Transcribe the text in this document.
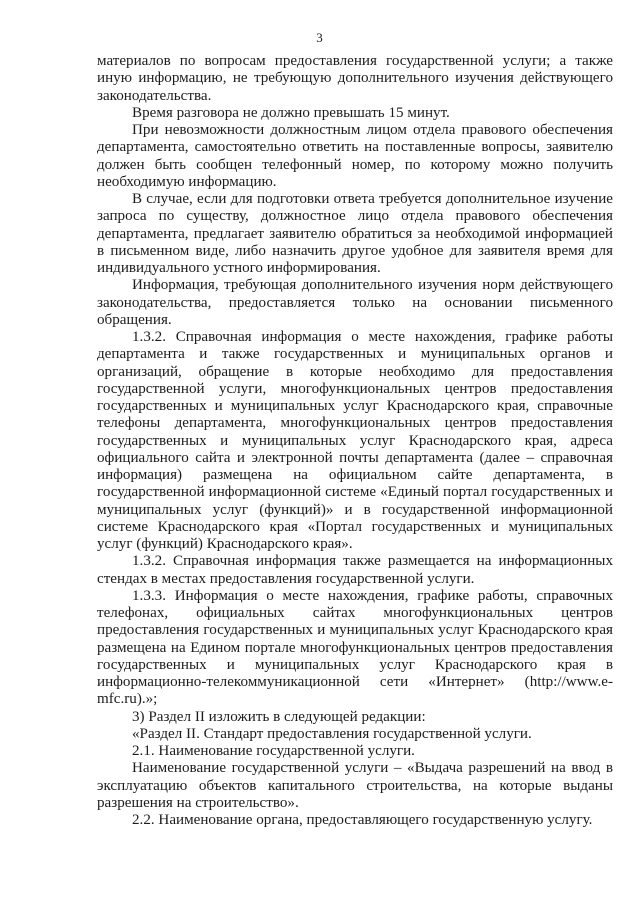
3

материалов по вопросам предоставления государственной услуги; а также иную информацию, не требующую дополнительного изучения действующего законодательства.

Время разговора не должно превышать 15 минут.

При невозможности должностным лицом отдела правового обеспечения департамента, самостоятельно ответить на поставленные вопросы, заявителю должен быть сообщен телефонный номер, по которому можно получить необходимую информацию.

В случае, если для подготовки ответа требуется дополнительное изучение запроса по существу, должностное лицо отдела правового обеспечения департамента, предлагает заявителю обратиться за необходимой информацией в письменном виде, либо назначить другое удобное для заявителя время для индивидуального устного информирования.

Информация, требующая дополнительного изучения норм действующего законодательства, предоставляется только на основании письменного обращения.

1.3.2. Справочная информация о месте нахождения, графике работы департамента и также государственных и муниципальных органов и организаций, обращение в которые необходимо для предоставления государственной услуги, многофункциональных центров предоставления государственных и муниципальных услуг Краснодарского края, справочные телефоны департамента, многофункциональных центров предоставления государственных и муниципальных услуг Краснодарского края, адреса официального сайта и электронной почты департамента (далее – справочная информация) размещена на официальном сайте департамента, в государственной информационной системе «Единый портал государственных и муниципальных услуг (функций)» и в государственной информационной системе Краснодарского края «Портал государственных и муниципальных услуг (функций) Краснодарского края».

1.3.2. Справочная информация также размещается на информационных стендах в местах предоставления государственной услуги.

1.3.3. Информация о месте нахождения, графике работы, справочных телефонах, официальных сайтах многофункциональных центров предоставления государственных и муниципальных услуг Краснодарского края размещена на Едином портале многофункциональных центров предоставления государственных и муниципальных услуг Краснодарского края в информационно-телекоммуникационной сети «Интернет» (http://www.e-mfc.ru).»;

3) Раздел II изложить в следующей редакции:

«Раздел II. Стандарт предоставления государственной услуги.

2.1. Наименование государственной услуги.

Наименование государственной услуги – «Выдача разрешений на ввод в эксплуатацию объектов капитального строительства, на которые выданы разрешения на строительство».

2.2. Наименование органа, предоставляющего государственную услугу.
